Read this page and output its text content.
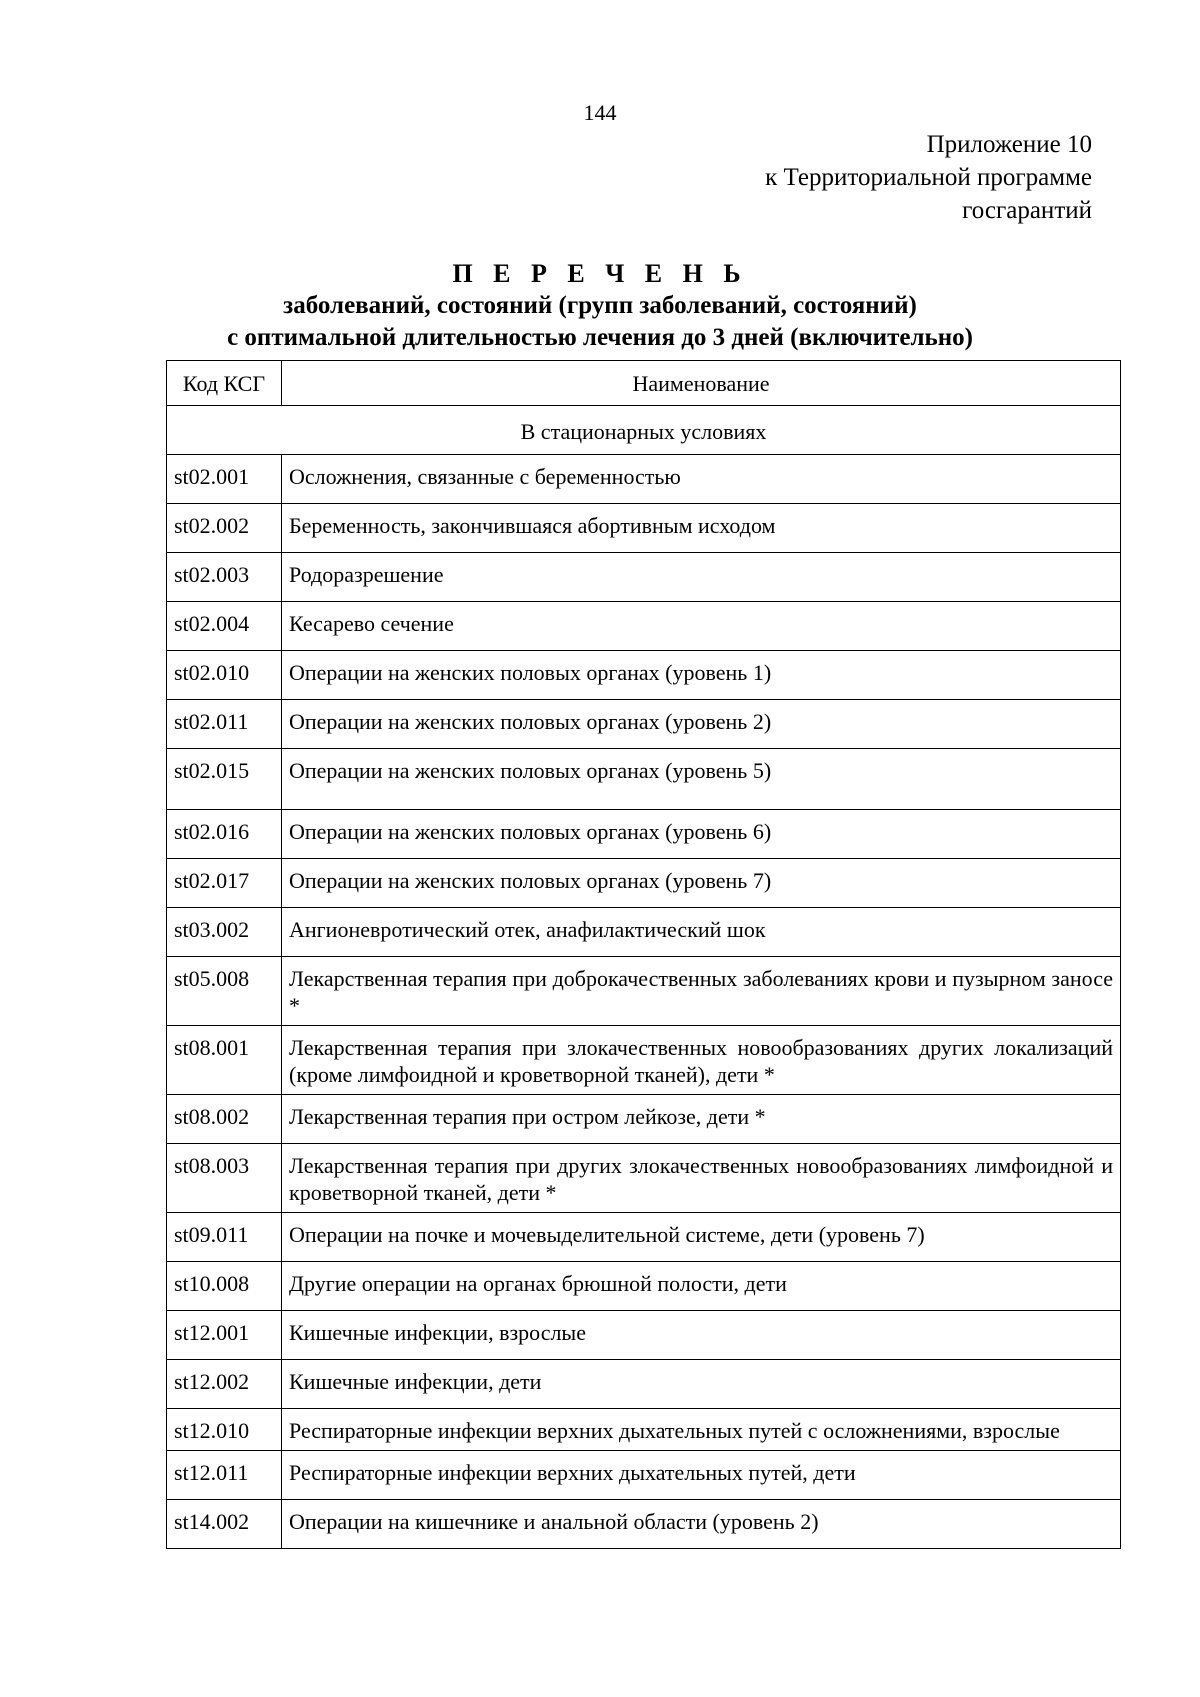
144
Приложение 10
к Территориальной программе
госгарантий
П Е Р Е Ч Е Н Ь
заболеваний, состояний (групп заболеваний, состояний)
с оптимальной длительностью лечения до 3 дней (включительно)
Код КСГ	Наименование
В стационарных условиях	
st02.001	Осложнения, связанные с беременностью
st02.002	Беременность, закончившаяся абортивным исходом
st02.003	Родоразрешение
st02.004	Кесарево сечение
st02.010	Операции на женских половых органах (уровень 1)
st02.011	Операции на женских половых органах (уровень 2)
st02.015	Операции на женских половых органах (уровень 5)
st02.016	Операции на женских половых органах (уровень 6)
st02.017	Операции на женских половых органах (уровень 7)
st03.002	Ангионевротический отек, анафилактический шок
st05.008	Лекарственная терапия при доброкачественных заболеваниях крови и пузырном заносе *
st08.001	Лекарственная терапия при злокачественных новообразованиях других локализаций (кроме лимфоидной и кроветворной тканей), дети *
st08.002	Лекарственная терапия при остром лейкозе, дети *
st08.003	Лекарственная терапия при других злокачественных новообразованиях лимфоидной и кроветворной тканей, дети *
st09.011	Операции на почке и мочевыделительной системе, дети (уровень 7)
st10.008	Другие операции на органах брюшной полости, дети
st12.001	Кишечные инфекции, взрослые
st12.002	Кишечные инфекции, дети
st12.010	Респираторные инфекции верхних дыхательных путей с осложнениями, взрослые
st12.011	Респираторные инфекции верхних дыхательных путей, дети
st14.002	Операции на кишечнике и анальной области (уровень 2)
